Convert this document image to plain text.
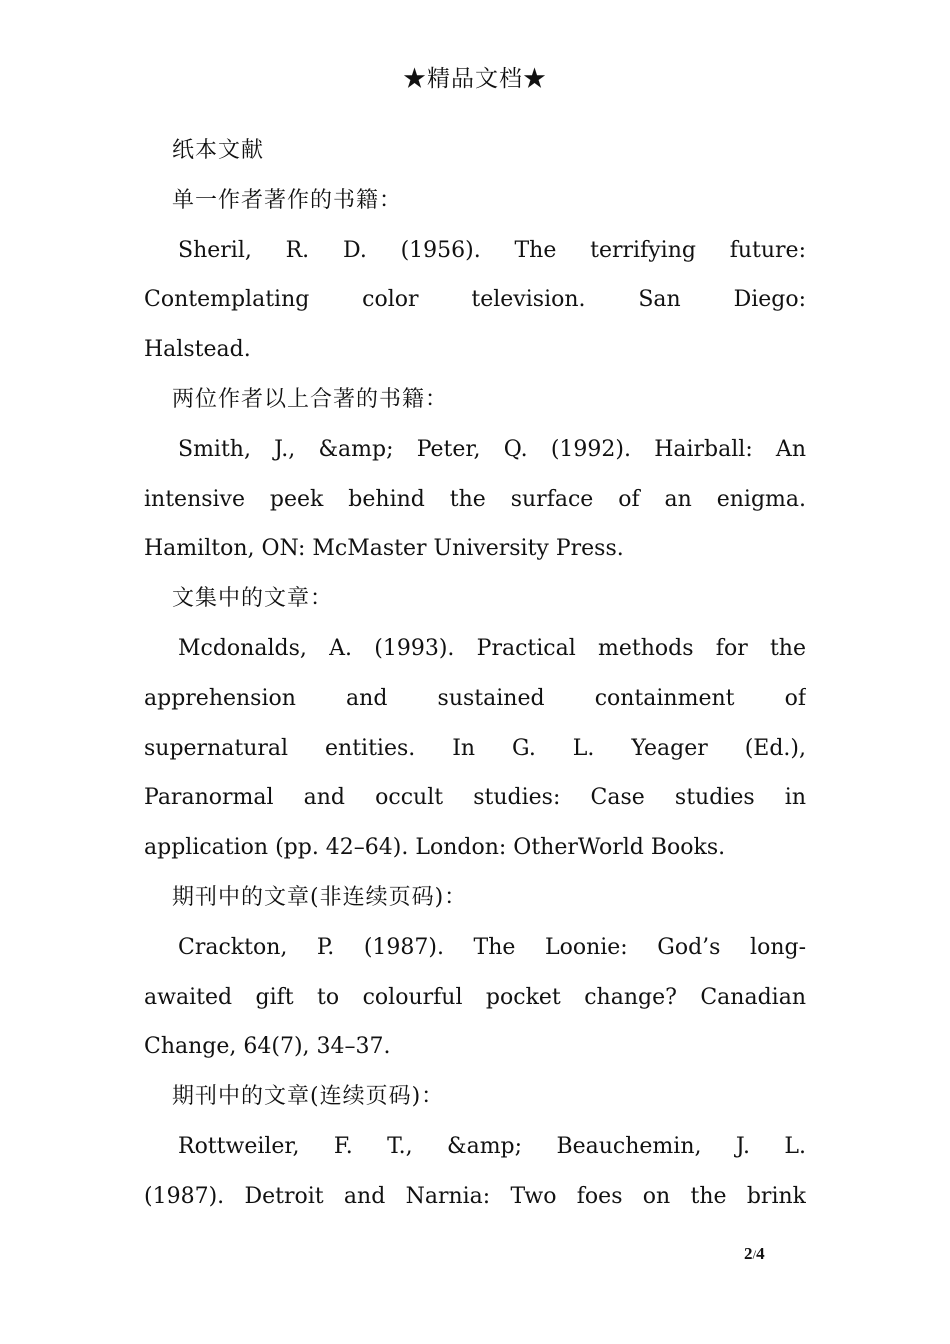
★精品文档★
纸本文献
单一作者著作的书籍：
Sheril, R. D. (1956). The terrifying future:
Contemplating color television. San Diego:
Halstead.
两位作者以上合著的书籍：
Smith, J., &amp; Peter, Q. (1992). Hairball: An
intensive peek behind the surface of an enigma.
Hamilton, ON: McMaster University Press.
文集中的文章：
Mcdonalds, A. (1993). Practical methods for the
apprehension and sustained containment of
supernatural entities. In G. L. Yeager (Ed.),
Paranormal and occult studies: Case studies in
application (pp. 42–64). London: OtherWorld Books.
期刊中的文章(非连续页码)：
Crackton, P. (1987). The Loonie: God’s long-
awaited gift to colourful pocket change? Canadian
Change, 64(7), 34–37.
期刊中的文章(连续页码)：
Rottweiler, F. T., &amp; Beauchemin, J. L.
(1987). Detroit and Narnia: Two foes on the brink
2/4
